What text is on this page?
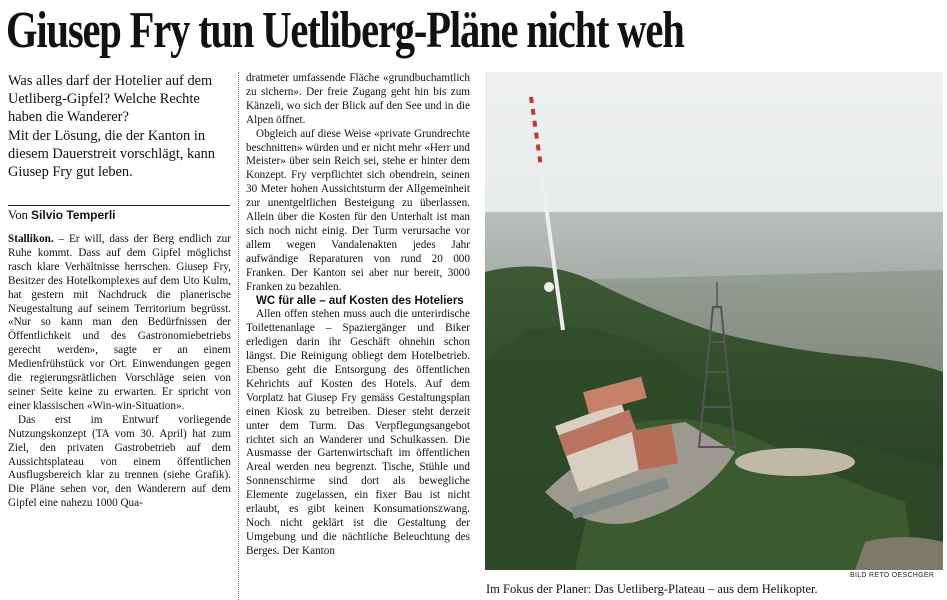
Giusep Fry tun Uetliberg-Pläne nicht weh

Was alles darf der Hotelier auf dem Uetliberg-Gipfel? Welche Rechte haben die Wanderer?

Mit der Lösung, die der Kanton in diesem Dauerstreit vorschlägt, kann Giusep Fry gut leben.

Von Silvio Temperli

Stallikon. – Er will, dass der Berg endlich zur Ruhe kommt. Dass auf dem Gipfel möglichst rasch klare Verhältnisse herrschen. Giusep Fry, Besitzer des Hotelkomplexes auf dem Uto Kulm, hat gestern mit Nachdruck die planerische Neugestaltung auf seinem Territorium begrüsst. «Nur so kann man den Bedürfnissen der Öffentlichkeit und des Gastronomiebetriebs gerecht werden», sagte er an einem Medienfrühstück vor Ort. Einwendungen gegen die regierungsrätlichen Vorschläge seien von seiner Seite keine zu erwarten. Er spricht von einer klassischen «Win-win-Situation».

Das erst im Entwurf vorliegende Nutzungskonzept (TA vom 30. April) hat zum Ziel, den privaten Gastrobetrieb auf dem Aussichtsplateau von einem öffentlichen Ausflugsbereich klar zu trennen (siehe Grafik). Die Pläne sehen vor, den Wanderern auf dem Gipfel eine nahezu 1000 Qua-

dratmeter umfassende Fläche «grundbuchamtlich zu sichern». Der freie Zugang geht hin bis zum Känzeli, wo sich der Blick auf den See und in die Alpen öffnet.

Obgleich auf diese Weise «private Grundrechte beschnitten» würden und er nicht mehr «Herr und Meister» über sein Reich sei, stehe er hinter dem Konzept. Fry verpflichtet sich obendrein, seinen 30 Meter hohen Aussichtsturm der Allgemeinheit zur unentgeltlichen Besteigung zu überlassen. Allein über die Kosten für den Unterhalt ist man sich noch nicht einig. Der Turm verursache vor allem wegen Vandalenakten jedes Jahr aufwändige Reparaturen von rund 20 000 Franken. Der Kanton sei aber nur bereit, 3000 Franken zu bezahlen.

WC für alle – auf Kosten des Hoteliers

Allen offen stehen muss auch die unterirdische Toilettenanlage – Spaziergänger und Biker erledigen darin ihr Geschäft ohnehin schon längst. Die Reinigung obliegt dem Hotelbetrieb. Ebenso geht die Entsorgung des öffentlichen Kehrichts auf Kosten des Hotels. Auf dem Vorplatz hat Giusep Fry gemäss Gestaltungsplan einen Kiosk zu betreiben. Dieser steht derzeit unter dem Turm. Das Verpflegungsangebot richtet sich an Wanderer und Schulkassen. Die Ausmasse der Gartenwirtschaft im öffentlichen Areal werden neu begrenzt. Tische, Stühle und Sonnenschirme sind dort als bewegliche Elemente zugelassen, ein fixer Bau ist nicht erlaubt, es gibt keinen Konsumationszwang. Noch nicht geklärt ist die Gestaltung der Umgebung und die nächtliche Beleuchtung des Berges. Der Kanton

BILD RETO OESCHGER
Im Fokus der Planer: Das Uetliberg-Plateau – aus dem Helikopter.
